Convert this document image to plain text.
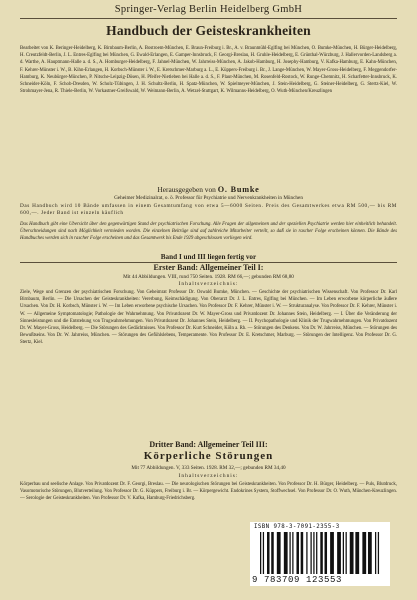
Springer-Verlag Berlin Heidelberg GmbH
Handbuch der Geisteskrankheiten
Bearbeitet von K. Beringer-Heidelberg, K. Birnbaum-Berlin, A. Bostroem-München, E. Braun-Freiburg i. Br., A. v. Braunmühl-Eglfing bei München, O. Bumke-München, H. Bürger-Heidelberg, H. Creutzfeldt-Berlin, J. L. Entres-Eglfing bei München, G. Ewald-Erlangen, E. Gamper-Innsbruck, F. Georgi-Breslau, H. Gruhle-Heidelberg, E. Grünthal-Würzburg, J. Hallervorden-Landsberg a. d. Warthe, A. Hauptmann-Halle a. d. S., A. Homburger-Heidelberg, F. Jahnel-München, W. Jahrreiss-München, A. Jakob-Hamburg, H. Josephy-Hamburg, V. Kafka-Hamburg, E. Kahn-München, F. Kehrer-Münster i. W., B. Kihn-Erlangen, H. Korbsch-Münster i. W., E. Kretschmer-Marburg a. L., E. Küppers-Freiburg i. Br., J. Lange-München, W. Mayer-Gross-Heidelberg, F. Meggendorfer-Hamburg, K. Neubürger-München, P. Nitsche-Leipzig-Dösen, H. Pfeifer-Nietleben bei Halle a. d. S., F. Plaut-München, M. Rosenfeld-Rostock, W. Runge-Chemnitz, H. Scharfetter-Innsbruck, K. Schneider-Köln, F. Schob-Dresden, W. Scholz-Tübingen, J. H. Schultz-Berlin, H. Spatz-München, W. Spielmeyer-München, J. Stein-Heidelberg, G. Steiner-Heidelberg, G. Stertz-Kiel, W. Strohmayer-Jena, R. Thiele-Berlin, W. Vorkastner-Greifswald, W. Weimann-Berlin, A. Wetzel-Stuttgart, K. Wilmanns-Heidelberg, O. Wuth-München/Kreuzlingen
Herausgegeben von O. Bumke
Geheimer Medizinalrat, o. ö. Professor für Psychiatrie und Nervenkrankheiten in München
Das Handbuch wird 10 Bände umfassen in einem Gesamtumfang von etwa 5—6000 Seiten. Preis des Gesamtwerkes etwa RM 500,— bis RM 600,—. Jeder Band ist einzeln käuflich
Das Handbuch gibt eine Übersicht über den gegenwärtigen Stand der psychiatrischen Forschung. Alle Fragen der allgemeinen und der speziellen Psychiatrie werden hier einheitlich behandelt. Überschneidungen sind nach Möglichkeit vermieden worden. Die einzelnen Beiträge sind auf zahlreiche Mitarbeiter verteilt, so daß sie in rascher Folge erscheinen können. Die Bände des Handbuches werden sich in rascher Folge erscheinen und das Gesamtwerk bis Ende 1929 abgeschlossen vorliegen wird.
Band I und III liegen fertig vor
Erster Band: Allgemeiner Teil I:
Mit 44 Abbildungen. VIII, rund 750 Seiten. 1928. RM 66,—; gebunden RM 68,80
Inhaltsverzeichnis:
Ziele, Wege und Grenzen der psychiatrischen Forschung. Von Geheimrat Professor Dr. Oswald Bumke, München. — Geschichte der psychiatrischen Wissenschaft. Von Professor Dr. Karl Birnbaum, Berlin. — Die Ursachen der Geisteskrankheiten: Vererbung, Keimschädigung. Von Oberarzt Dr. J. L. Entres, Eglfing bei München. — Im Leben erworbene körperliche äußere Ursachen. Von Dr. H. Korbsch, Münster i. W. — Im Leben erworbene psychische Ursachen. Von Professor Dr. F. Kehrer, Münster i. W. — Strukturanalyse. Von Professor Dr. F. Kehrer, Münster i. W. — Allgemeine Symptomatologie; Pathologie der Wahrnehmung. Von Privatdozent Dr. W. Mayer-Gross und Privatdozent Dr. Johannes Stein, Heidelberg. — I. Über die Veränderung der Sinnesleistungen und die Entstehung von Trugwahrnehmungen. Von Privatdozent Dr. Johannes Stein, Heidelberg. — II. Psychopathologie und Klinik der Trugwahrnehmungen. Von Privatdozent Dr. W. Mayer-Gross, Heidelberg. — Die Störungen des Gedächtnisses. Von Professor Dr. Kurt Schneider, Köln a. Rh. — Störungen des Denkens. Von Dr. W. Jahrreiss, München. — Störungen des Bewußtseins. Von Dr. W. Jahrreiss, München. — Störungen des Gefühlslebens, Temperamente. Von Professor Dr. E. Kretschmer, Marburg. — Störungen der Intelligenz. Von Professor Dr. G. Stertz, Kiel.
Dritter Band: Allgemeiner Teil III:
Körperliche Störungen
Mit 77 Abbildungen. V, 333 Seiten. 1928. RM 32,—; gebunden RM 34,40
Inhaltsverzeichnis:
Körperbau und seelische Anlage. Von Privatdozent Dr. F. Georgi, Breslau. — Die neurologischen Störungen bei Geisteskrankheiten. Von Professor Dr. H. Bürger, Heidelberg. — Puls, Blutdruck, Vasomotorische Störungen, Blutverteilung. Von Professor Dr. G. Küppers, Freiburg i. Br. — Körpergewicht. Endokrines System, Stoffwechsel. Von Professor Dr. O. Wuth, München-Kreuzlingen. — Serologie der Geisteskrankheiten. Von Professor Dr. V. Kafka, Hamburg-Friedrichsberg.
ISBN 978-3-7091-2355-3
9 783709 123553
